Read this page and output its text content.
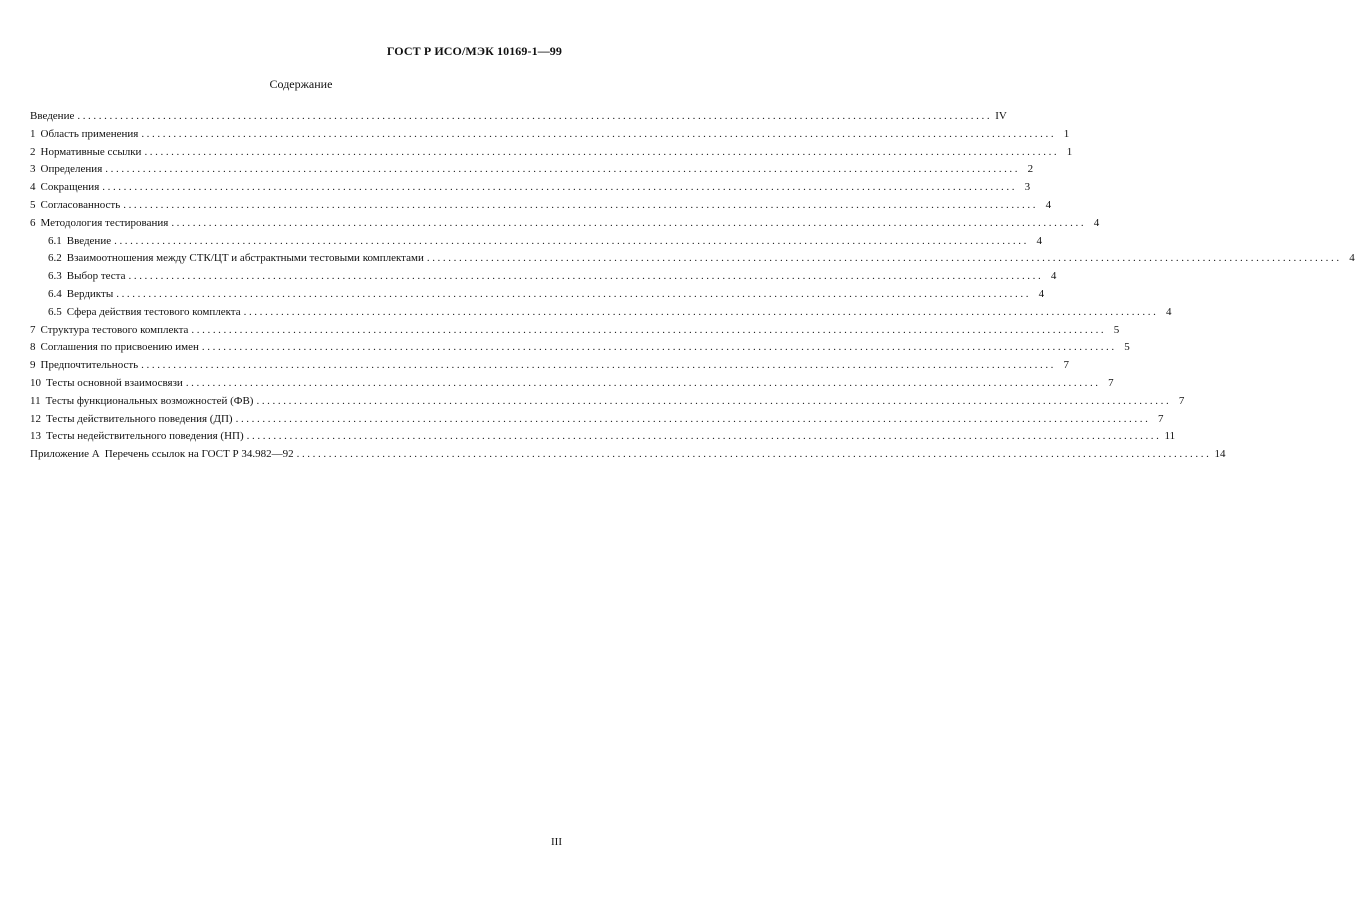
ГОСТ Р ИСО/МЭК 10169-1—99
Содержание
Введение ........................................................................................................................................................................... IV
1 Область применения ........................................................................................................................................................................... 1
2 Нормативные ссылки ........................................................................................................................................................................... 1
3 Определения ........................................................................................................................................................................... 2
4 Сокращения ........................................................................................................................................................................... 3
5 Согласованность ........................................................................................................................................................................... 4
6 Методология тестирования ........................................................................................................................................................................... 4
6.1 Введение ........................................................................................................................................................................... 4
6.2 Взаимоотношения между СТК/ЦТ и абстрактными тестовыми комплектами ........................................................................................................................................................................... 4
6.3 Выбор теста ........................................................................................................................................................................... 4
6.4 Вердикты ........................................................................................................................................................................... 4
6.5 Сфера действия тестового комплекта ........................................................................................................................................................................... 4
7 Структура тестового комплекта ........................................................................................................................................................................... 5
8 Соглашения по присвоению имен ........................................................................................................................................................................... 5
9 Предпочтительность ........................................................................................................................................................................... 7
10 Тесты основной взаимосвязи ........................................................................................................................................................................... 7
11 Тесты функциональных возможностей (ФВ) ........................................................................................................................................................................... 7
12 Тесты действительного поведения (ДП) ........................................................................................................................................................................... 7
13 Тесты недействительного поведения (НП) ........................................................................................................................................................................... 11
Приложение А Перечень ссылок на ГОСТ Р 34.982—92 ........................................................................................................................................................................... 14
III
